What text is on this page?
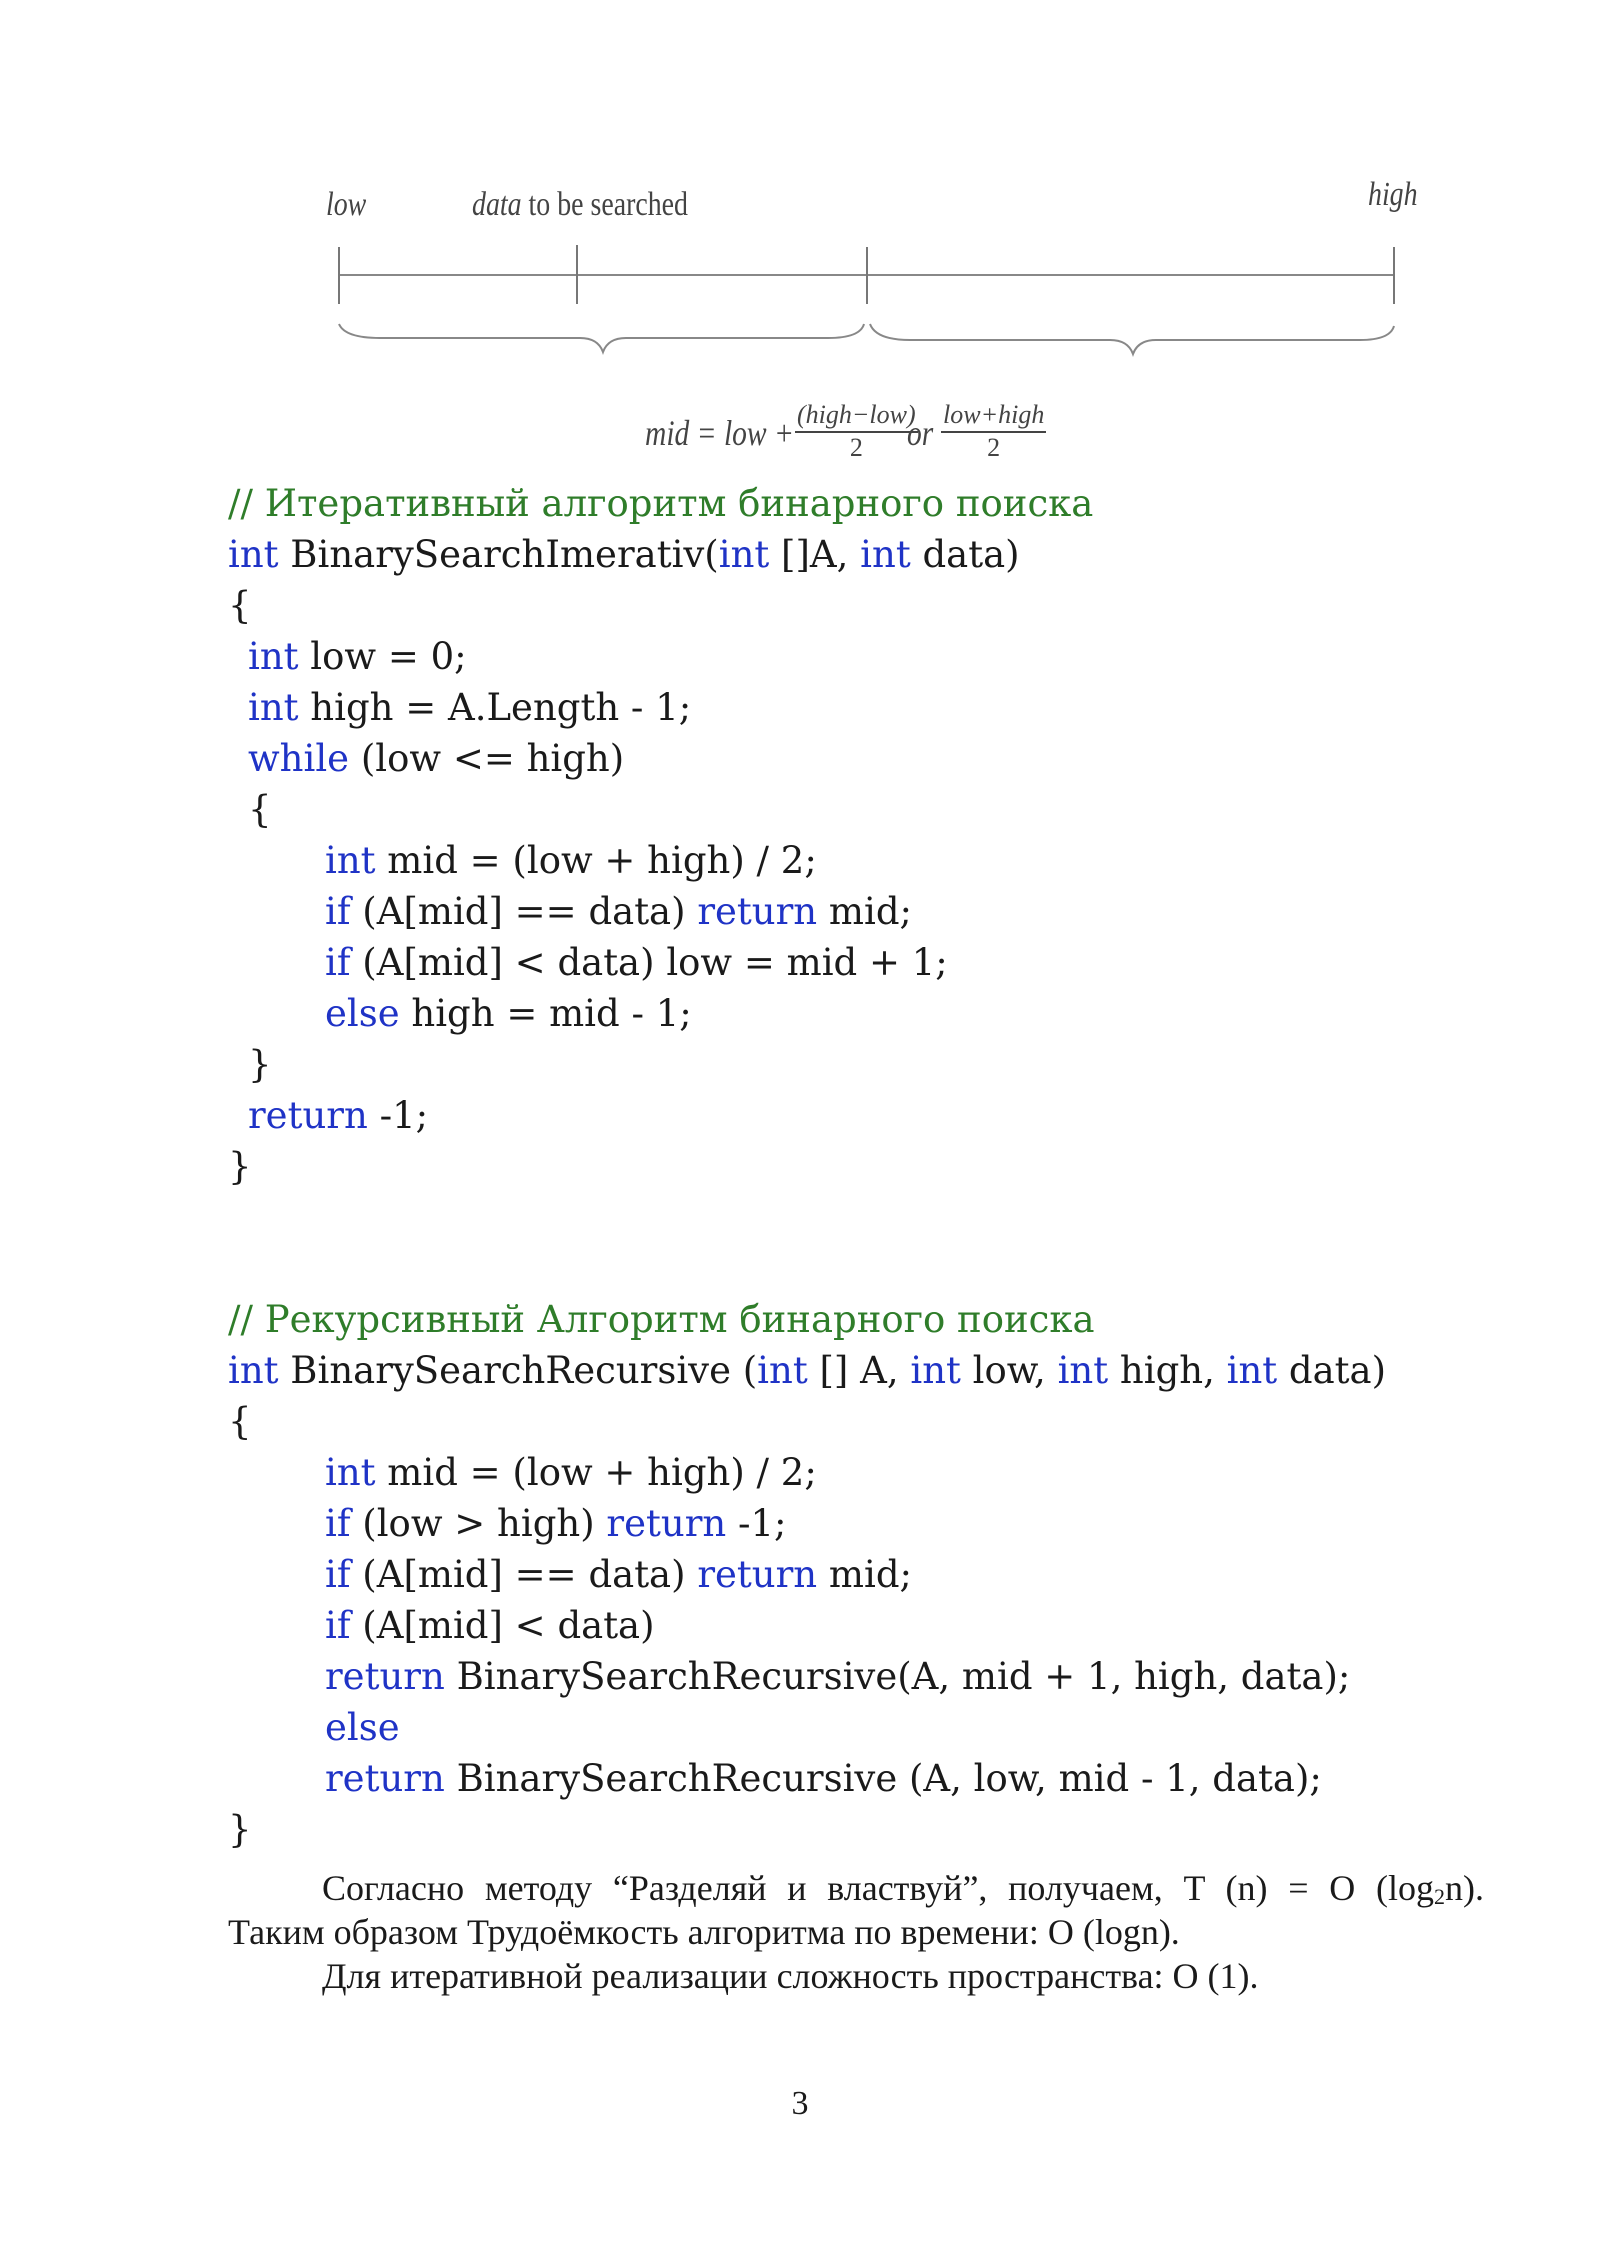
low	data to be searched	high
mid = low + (high−low)
2	or low+high
2
// Итеративный алгоритм бинарного поиска
int BinarySearchImerativ(int []A, int data)
{
int low = 0;
int high = A.Length - 1;
while (low <= high)
{
int mid = (low + high) / 2;
if (A[mid] == data) return mid;
if (A[mid] < data) low = mid + 1;
else high = mid - 1;
}
return -1;
}
// Рекурсивный Алгоритм бинарного поиска
int BinarySearchRecursive (int [] A, int low, int high, int data)
{
int mid = (low + high) / 2;
if (low > high) return -1;
if (A[mid] == data) return mid;
if (A[mid] < data)
return BinarySearchRecursive(A, mid + 1, high, data);
else
return BinarySearchRecursive (A, low, mid - 1, data);
}
Согласно методу “Разделяй и властвуй”, получаем, T (n) = O $(\log_2n)$.
Таким образом Трудоёмкость алгоритма по времени: O (logn).
Для итеративной реализации сложность пространства: O (1).
3
